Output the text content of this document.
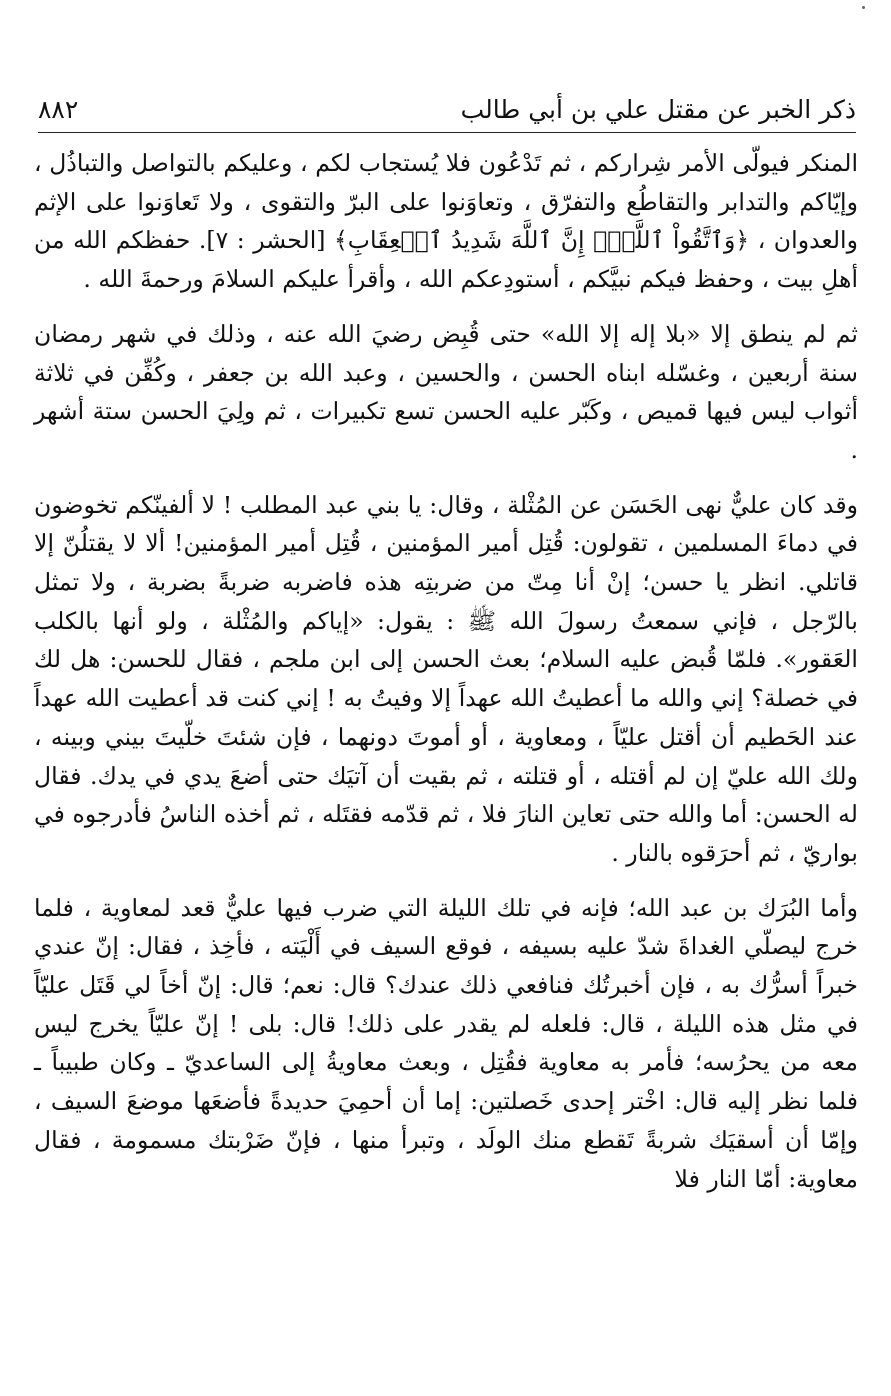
ذكر الخبر عن مقتل علي بن أبي طالب
٨٨٢

المنكر فيولّى الأمر شِراركم ، ثم تَدْعُون فلا يُستجاب لكم ، وعليكم بالتواصل والتباذُل ، وإيّاكم والتدابر والتقاطُع والتفرّق ، وتعاوَنوا على البرّ والتقوى ، ولا تَعاوَنوا على الإثم والعدوان ، ﴿وَٱتَّقُواْ ٱللَّهَۖ إِنَّ ٱللَّهَ شَدِيدُ ٱلۡعِقَابِ﴾ [الحشر : ٧]. حفظكم الله من أهلِ بيت ، وحفظ فيكم نبيَّكم ، أستودِعكم الله ، وأقرأ عليكم السلامَ ورحمةَ الله .

ثم لم ينطق إلا «بلا إله إلا الله» حتى قُبِض رضيَ الله عنه ، وذلك في شهر رمضان سنة أربعين ، وغسّله ابناه الحسن ، والحسين ، وعبد الله بن جعفر ، وكُفِّن في ثلاثة أثواب ليس فيها قميص ، وكَبّر عليه الحسن تسع تكبيرات ، ثم ولِيَ الحسن ستة أشهر .

وقد كان عليٌّ نهى الحَسَن عن المُثْلة ، وقال: يا بني عبد المطلب ! لا ألفينّكم تخوضون في دماءَ المسلمين ، تقولون: قُتِل أمير المؤمنين ، قُتِل أمير المؤمنين! ألا لا يقتلُنّ إلا قاتلي. انظر يا حسن؛ إنْ أنا مِتّ من ضربتِه هذه فاضربه ضربةً بضربة ، ولا تمثل بالرّجل ، فإني سمعتُ رسولَ الله ﷺ : يقول: «إياكم والمُثْلة ، ولو أنها بالكلب العَقور». فلمّا قُبض عليه السلام؛ بعث الحسن إلى ابن ملجم ، فقال للحسن: هل لك في خصلة؟ إني والله ما أعطيتُ الله عهداً إلا وفيتُ به ! إني كنت قد أعطيت الله عهداً عند الحَطيم أن أقتل عليّاً ، ومعاوية ، أو أموتَ دونهما ، فإن شئتَ خلّيتَ بيني وبينه ، ولك الله عليّ إن لم أقتله ، أو قتلته ، ثم بقيت أن آتيَك حتى أضعَ يدي في يدك. فقال له الحسن: أما والله حتى تعاين النارَ فلا ، ثم قدّمه فقتَله ، ثم أخذه الناسُ فأدرجوه في بواريّ ، ثم أحرَقوه بالنار .

وأما البُرَك بن عبد الله؛ فإنه في تلك الليلة التي ضرب فيها عليٌّ قعد لمعاوية ، فلما خرج ليصلّي الغداةَ شدّ عليه بسيفه ، فوقع السيف في أَلْيَته ، فأخِذ ، فقال: إنّ عندي خبراً أسرُّك به ، فإن أخبرتُك فنافعي ذلك عندك؟ قال: نعم؛ قال: إنّ أخاً لي قَتَل عليّاً في مثل هذه الليلة ، قال: فلعله لم يقدر على ذلك! قال: بلى ! إنّ عليّاً يخرج ليس معه من يحرُسه؛ فأمر به معاوية فقُتِل ، وبعث معاويةُ إلى الساعديّ ـ وكان طبيباً ـ فلما نظر إليه قال: اخْتر إحدى خَصلتين: إما أن أحمِيَ حديدةً فأضعَها موضعَ السيف ، وإمّا أن أسقيَك شربةً تَقطع منك الولَد ، وتبرأ منها ، فإنّ ضَرْبتك مسمومة ، فقال معاوية: أمّا النار فلا
